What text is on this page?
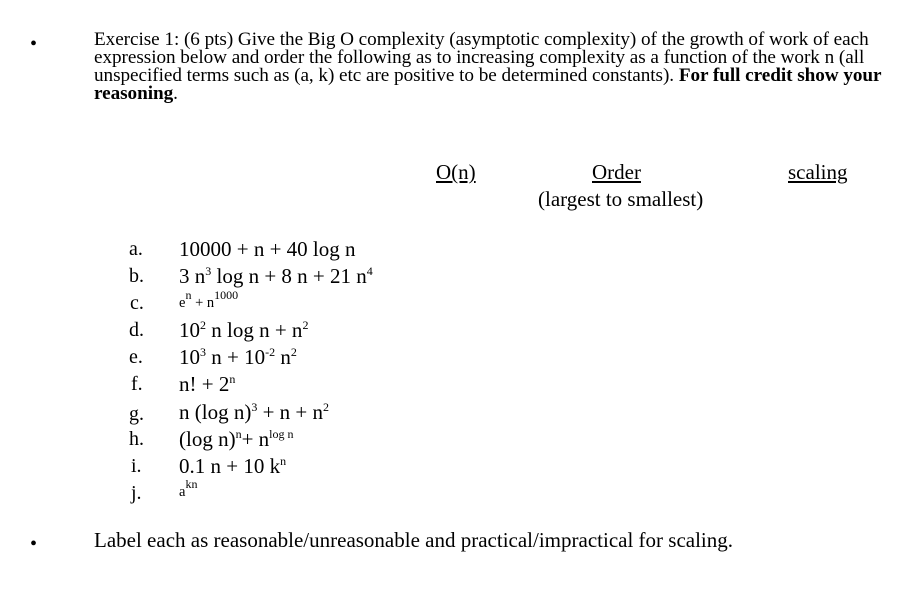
•
•
Exercise 1: (6 pts) Give the Big O complexity (asymptotic complexity) of the growth of work of each
expression below and order the following as to increasing complexity as a function of the work n (all
unspecified terms such as (a, k) etc are positive to be determined constants). For full credit show your
reasoning.
O(n)	Order
(largest to smallest)
scaling
a.
b.
c.
d.
e.
f.
g.
h.
i.
j.
10000 + n + 40 log n
3 $n^3$ log n + 8 n + 21 $n^4$
$e^n + n^{1000}$
$10^2$ n $\log n + n^2$
$10^3$ $n + 10^{-2}$ $n^2$
n! + $2^n$
n (log $n)^3 + n + n^2$
(log $n)^n+ n^{log n}$
0.1 n + 10 $k^n$
$a^{kn}$
Label each as reasonable/unreasonable and practical/impractical for scaling.
